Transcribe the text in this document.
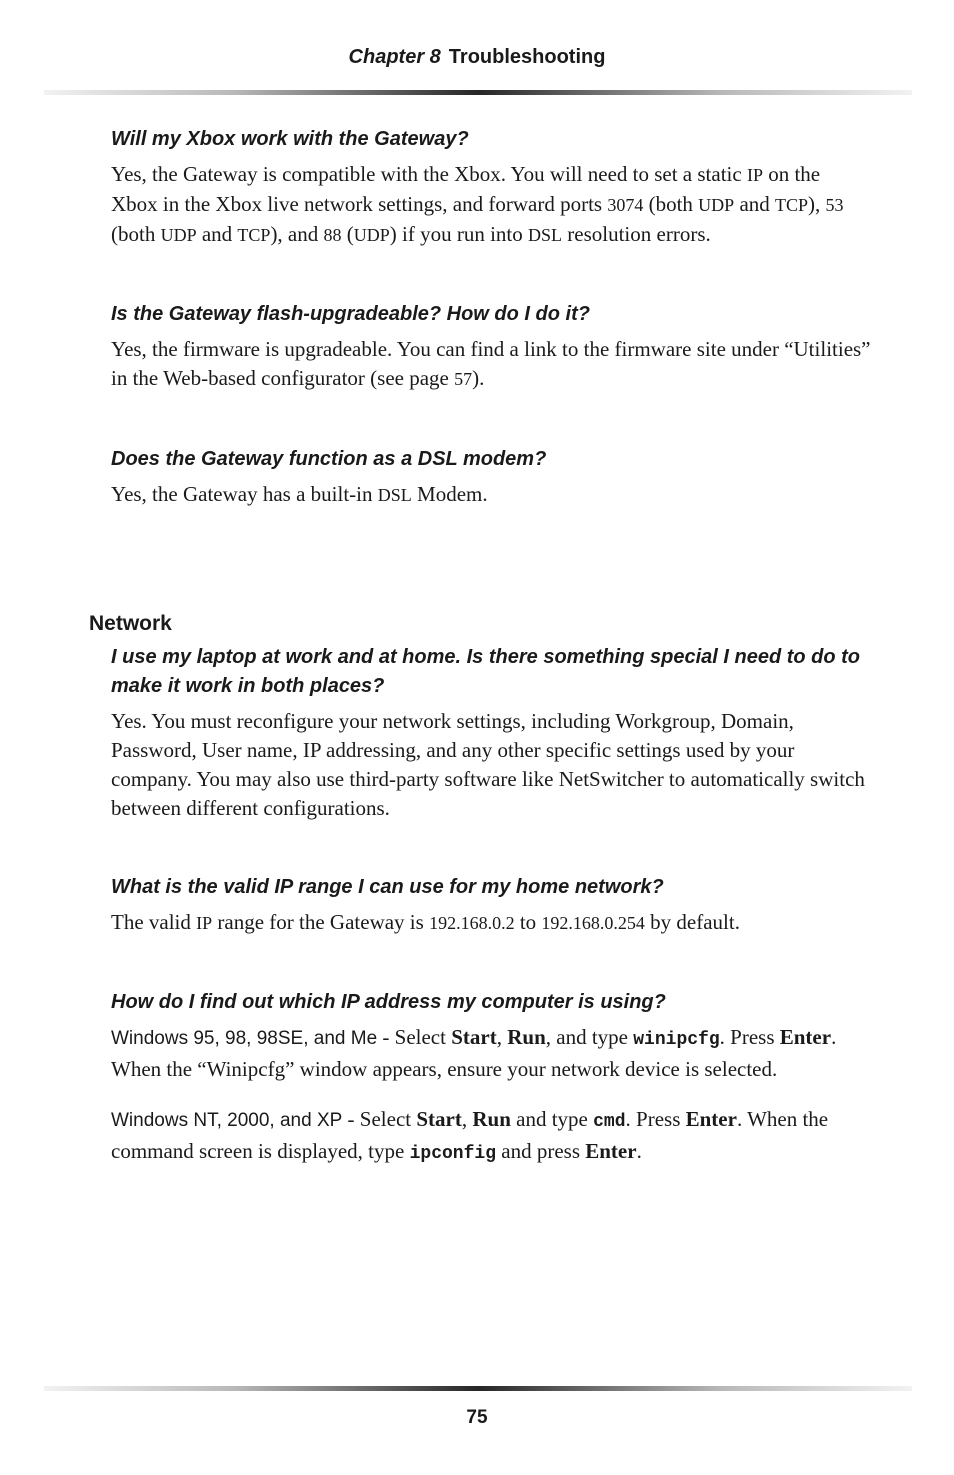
Chapter 8 Troubleshooting

Will my Xbox work with the Gateway?

Yes, the Gateway is compatible with the Xbox. You will need to set a static IP on the Xbox in the Xbox live network settings, and forward ports 3074 (both UDP and TCP), 53 (both UDP and TCP), and 88 (UDP) if you run into DSL resolution errors.

Is the Gateway flash-upgradeable? How do I do it?

Yes, the firmware is upgradeable. You can find a link to the firmware site under “Utilities” in the Web-based configurator (see page 57).

Does the Gateway function as a DSL modem?

Yes, the Gateway has a built-in DSL Modem.

I use my laptop at work and at home. Is there something special I need to do to make it work in both places?

Yes. You must reconfigure your network settings, including Workgroup, Domain, Password, User name, IP addressing, and any other specific settings used by your company. You may also use third-party software like NetSwitcher to automatically switch between different configurations.

What is the valid IP range I can use for my home network?

The valid IP range for the Gateway is 192.168.0.2 to 192.168.0.254 by default.

How do I find out which IP address my computer is using?

Windows 95, 98, 98SE, and Me - Select Start, Run, and type winipcfg. Press Enter. When the “Winipcfg” window appears, ensure your network device is selected.

Windows NT, 2000, and XP - Select Start, Run and type cmd. Press Enter. When the command screen is displayed, type ipconfig and press Enter.

Network
75
